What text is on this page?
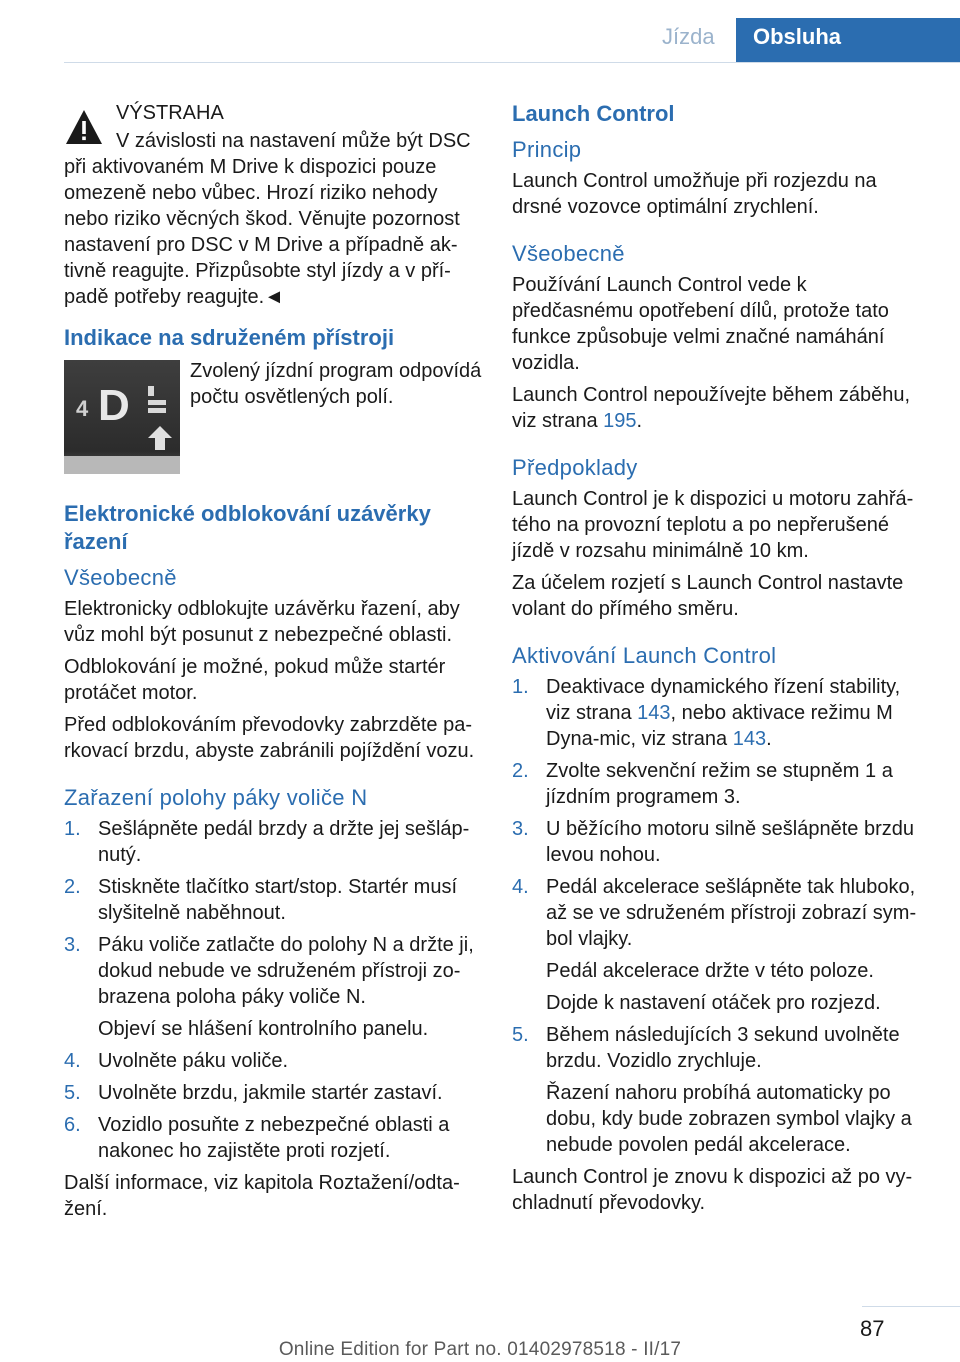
Jízda	Obsluha

VÝSTRAHA

V závislosti na nastavení může být DSC při aktivovaném M Drive k dispozici pouze omezeně nebo vůbec. Hrozí riziko nehody nebo riziko věcných škod. Věnujte pozornost nastavení pro DSC v M Drive a případně ak‐tivně reagujte. Přizpůsobte styl jízdy a v pří‐padě potřeby reagujte.◄

Indikace na sdruženém přístroji
4 D

Zvolený jízdní program odpovídá počtu osvětlených polí.

Elektronické odblokování uzávěrky řazení
Všeobecně

Elektronicky odblokujte uzávěrku řazení, aby vůz mohl být posunut z nebezpečné oblasti.

Odblokování je možné, pokud může startér protáčet motor.

Před odblokováním převodovky zabrzděte pa‐rkovací brzdu, abyste zabránili pojíždění vozu.

Zařazení polohy páky voliče N
1. Sešlápněte pedál brzdy a držte jej sešláp‐nutý.
2. Stiskněte tlačítko start/stop. Startér musí slyšitelně naběhnout.
3. Páku voliče zatlačte do polohy N a držte ji, dokud nebude ve sdruženém přístroji zo‐brazena poloha páky voliče N.
Objeví se hlášení kontrolního panelu.
4. Uvolněte páku voliče.
5. Uvolněte brzdu, jakmile startér zastaví.
6. Vozidlo posuňte z nebezpečné oblasti a nakonec ho zajistěte proti rozjetí.

Další informace, viz kapitola Roztažení/odta‐žení.

Launch Control
Princip

Launch Control umožňuje při rozjezdu na drsné vozovce optimální zrychlení.

Všeobecně

Používání Launch Control vede k předčasnému opotřebení dílů, protože tato funkce způsobuje velmi značné namáhání vozidla.

Launch Control nepoužívejte během záběhu, viz strana 195.

Předpoklady

Launch Control je k dispozici u motoru zahřá‐tého na provozní teplotu a po nepřerušené jízdě v rozsahu minimálně 10 km.

Za účelem rozjetí s Launch Control nastavte volant do přímého směru.

Aktivování Launch Control
1. Deaktivace dynamického řízení stability, viz strana 143, nebo aktivace režimu M Dyna‐mic, viz strana 143.
2. Zvolte sekvenční režim se stupněm 1 a jízdním programem 3.
3. U běžícího motoru silně sešlápněte brzdu levou nohou.
4. Pedál akcelerace sešlápněte tak hluboko, až se ve sdruženém přístroji zobrazí sym‐bol vlajky.
Pedál akcelerace držte v této poloze.
Dojde k nastavení otáček pro rozjezd.
5. Během následujících 3 sekund uvolněte brzdu. Vozidlo zrychluje.
Řazení nahoru probíhá automaticky po dobu, kdy bude zobrazen symbol vlajky a nebude povolen pedál akcelerace.

Launch Control je znovu k dispozici až po vy‐chladnutí převodovky.

87
Online Edition for Part no. 01402978518 - II/17
